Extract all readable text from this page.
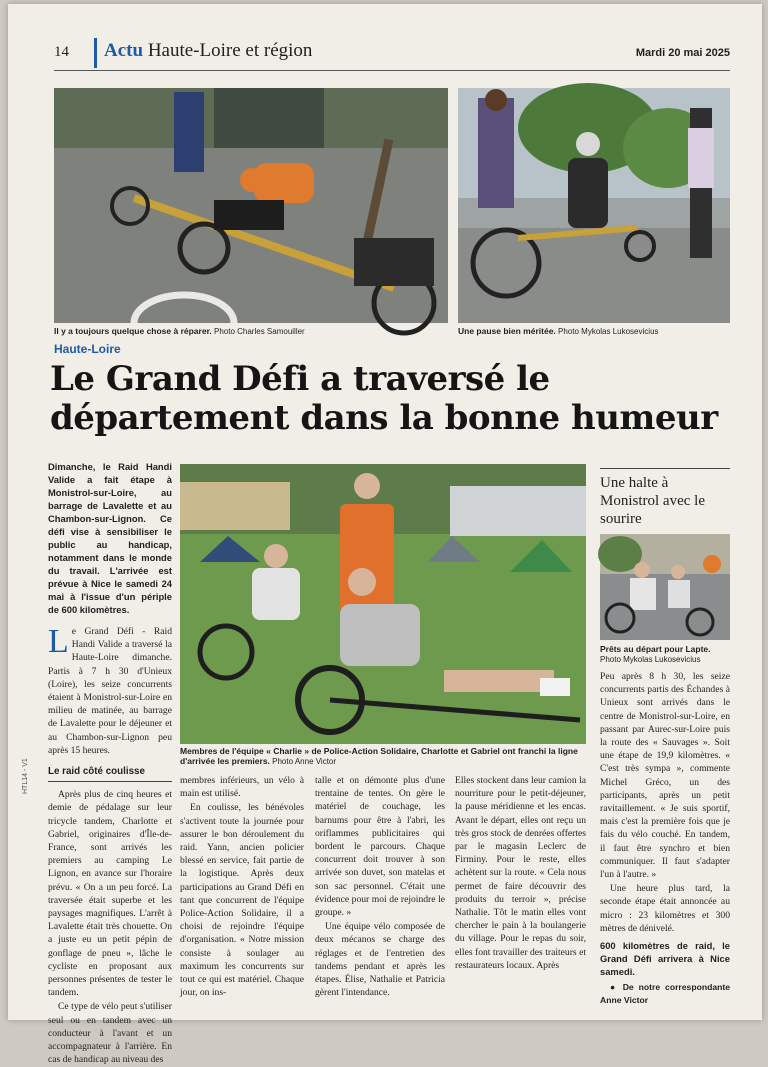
14 Actu Haute-Loire et région	Mardi 20 mai 2025
Il y a toujours quelque chose à réparer. Photo Charles Samouiller	Une pause bien méritée. Photo Mykolas Lukosevicius
Haute-Loire
Le Grand Défi a traversé le département dans la bonne humeur

Dimanche, le Raid Handi Valide a fait étape à Monistrol-sur-Loire, au barrage de Lavalette et au Chambon-sur-Lignon. Ce défi vise à sensibiliser le public au handicap, notamment dans le monde du travail. L'arrivée est prévue à Nice le samedi 24 mai à l'issue d'un périple de 600 kilomètres.

Le Grand Défi - Raid Handi Valide a traversé la Haute-Loire dimanche. Partis à 7 h 30 d'Unieux (Loire), les seize concurrents étaient à Monistrol-sur-Loire en milieu de matinée, au barrage de Lavalette pour le déjeuner et au Chambon-sur-Lignon peu après 15 heures.

Le raid côté coulisse

Après plus de cinq heures et demie de pédalage sur leur tricycle tandem, Charlotte et Gabriel, originaires d'Île-de-France, sont arrivés les premiers au camping Le Lignon, en avance sur l'horaire prévu. « On a un peu forcé. La traversée était superbe et les paysages magnifiques. L'arrêt à Lavalette était très chouette. On a juste eu un petit pépin de gonflage de pneu », lâche le cycliste en proposant aux personnes présentes de tester le tandem.

Ce type de vélo peut s'utiliser seul ou en tandem avec un conducteur à l'avant et un accompagnateur à l'arrière. En cas de handicap au niveau des

Membres de l'équipe « Charlie » de Police-Action Solidaire, Charlotte et Gabriel ont franchi la ligne d'arrivée les premiers. Photo Anne Victor

membres inférieurs, un vélo à main est utilisé.

En coulisse, les bénévoles s'activent toute la journée pour assurer le bon déroulement du raid. Yann, ancien policier blessé en service, fait partie de la logistique. Après deux participations au Grand Défi en tant que concurrent de l'équipe Police-Action Solidaire, il a choisi de rejoindre l'équipe d'organisation. « Notre mission consiste à soulager au maximum les concurrents sur tout ce qui est matériel. Chaque jour, on ins-

talle et on démonte plus d'une trentaine de tentes. On gère le matériel de couchage, les barnums pour être à l'abri, les oriflammes publicitaires qui bordent le parcours. Chaque concurrent doit trouver à son arrivée son duvet, son matelas et son sac personnel. C'était une évidence pour moi de rejoindre le groupe. »

Une équipe vélo composée de deux mécanos se charge des réglages et de l'entretien des tandems pendant et après les étapes. Élise, Nathalie et Patricia gèrent l'intendance.

Elles stockent dans leur camion la nourriture pour le petit-déjeuner, la pause méridienne et les encas. Avant le départ, elles ont reçu un très gros stock de denrées offertes par le magasin Leclerc de Firminy. Pour le reste, elles achètent sur la route. « Cela nous permet de faire découvrir des produits du terroir », précise Nathalie. Tôt le matin elles vont chercher le pain à la boulangerie du village. Pour le repas du soir, elles font travailler des traiteurs et restaurateurs locaux. Après

Une halte à Monistrol avec le sourire
Prêts au départ pour Lapte.
Photo Mykolas Lukosevicius

Peu après 8 h 30, les seize concurrents partis des Échandes à Unieux sont arrivés dans le centre de Monistrol-sur-Loire, en passant par Aurec-sur-Loire puis la route des « Sauvages ». Soit une étape de 19,9 kilomètres. « C'est très sympa », commente Michel Gréco, un des participants, après un petit ravitaillement. « Je suis sportif, mais c'est la première fois que je fais du vélo couché. En tandem, il faut être synchro et bien communiquer. Il faut s'adapter l'un à l'autre. »

Une heure plus tard, la seconde étape était annoncée au micro : 23 kilomètres et 300 mètres de dénivelé.

600 kilomètres de raid, le Grand Défi arrivera à Nice samedi.

● De notre correspondante Anne Victor

HTL14 - V1
